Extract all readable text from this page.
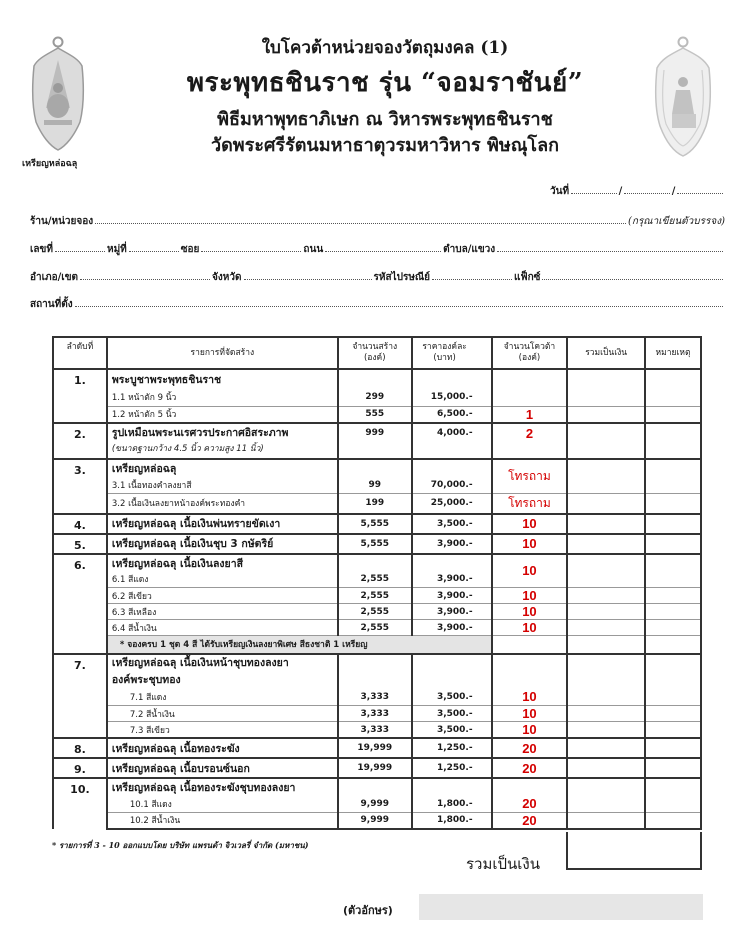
เหรียญหล่อฉลุ
ใบโควต้าหน่วยจองวัตถุมงคล (1)
พระพุทธชินราช รุ่น “จอมราชันย์”
พิธีมหาพุทธาภิเษก ณ วิหารพระพุทธชินราช
วัดพระศรีรัตนมหาธาตุวรมหาวิหาร พิษณุโลก
วันที่	/	/
ร้าน/หน่วยจอง	(กรุณาเขียนตัวบรรจง)
เลขที่	หมู่ที่	ซอย	ถนน	ตำบล/แขวง
อำเภอ/เขต	จังหวัด	รหัสไปรษณีย์	แฟ็กซ์
สถานที่ตั้ง
ลำดับที่	รายการที่จัดสร้าง	จำนวนสร้าง (องค์)	ราคาองค์ละ (บาท)	จำนวนโควต้า (องค์)	รวมเป็นเงิน	หมายเหตุ
1.	พระบูชาพระพุทธชินราช					
	1.1 หน้าตัก 9 นิ้ว	299	15,000.-			
	1.2 หน้าตัก 5 นิ้ว	555	6,500.-	1		
2.	รูปเหมือนพระนเรศวรประกาศอิสระภาพ
(ขนาดฐานกว้าง 4.5 นิ้ว ความสูง 11 นิ้ว)	999	4,000.-	2		
3.	เหรียญหล่อฉลุ			โทรถาม		
	3.1 เนื้อทองคำลงยาสี	99	70,000.-			
	3.2 เนื้อเงินลงยาหน้าองค์พระทองคำ	199	25,000.-	โทรถาม		
4.	เหรียญหล่อฉลุ เนื้อเงินพ่นทรายขัดเงา	5,555	3,500.-	10		
5.	เหรียญหล่อฉลุ เนื้อเงินชุบ 3 กษัตริย์	5,555	3,900.-	10		
6.	เหรียญหล่อฉลุ เนื้อเงินลงยาสี			10		
	6.1 สีแดง	2,555	3,900.-			
	6.2 สีเขียว	2,555	3,900.-	10		
	6.3 สีเหลือง	2,555	3,900.-	10		
	6.4 สีน้ำเงิน	2,555	3,900.-	10		
	* จองครบ 1 ชุด 4 สี ได้รับเหรียญเงินลงยาพิเศษ สีธงชาติ 1 เหรียญ					
7.	เหรียญหล่อฉลุ เนื้อเงินหน้าชุบทองลงยา
องค์พระชุบทอง					

	7.1 สีแดง	3,333	3,500.-	10		
	7.2 สีน้ำเงิน	3,333	3,500.-	10		
	7.3 สีเขียว	3,333	3,500.-	10		
8.	เหรียญหล่อฉลุ เนื้อทองระฆัง	19,999	1,250.-	20		
9.	เหรียญหล่อฉลุ เนื้อบรอนซ์นอก	19,999	1,250.-	20		
10.	เหรียญหล่อฉลุ เนื้อทองระฆังชุบทองลงยา					
	10.1 สีแดง	9,999	1,800.-	20		
	10.2 สีน้ำเงิน	9,999	1,800.-	20		
* รายการที่ 3 - 10 ออกแบบโดย บริษัท แพรนด้า จิวเวลรี่ จำกัด (มหาชน)
รวมเป็นเงิน
(ตัวอักษร)
